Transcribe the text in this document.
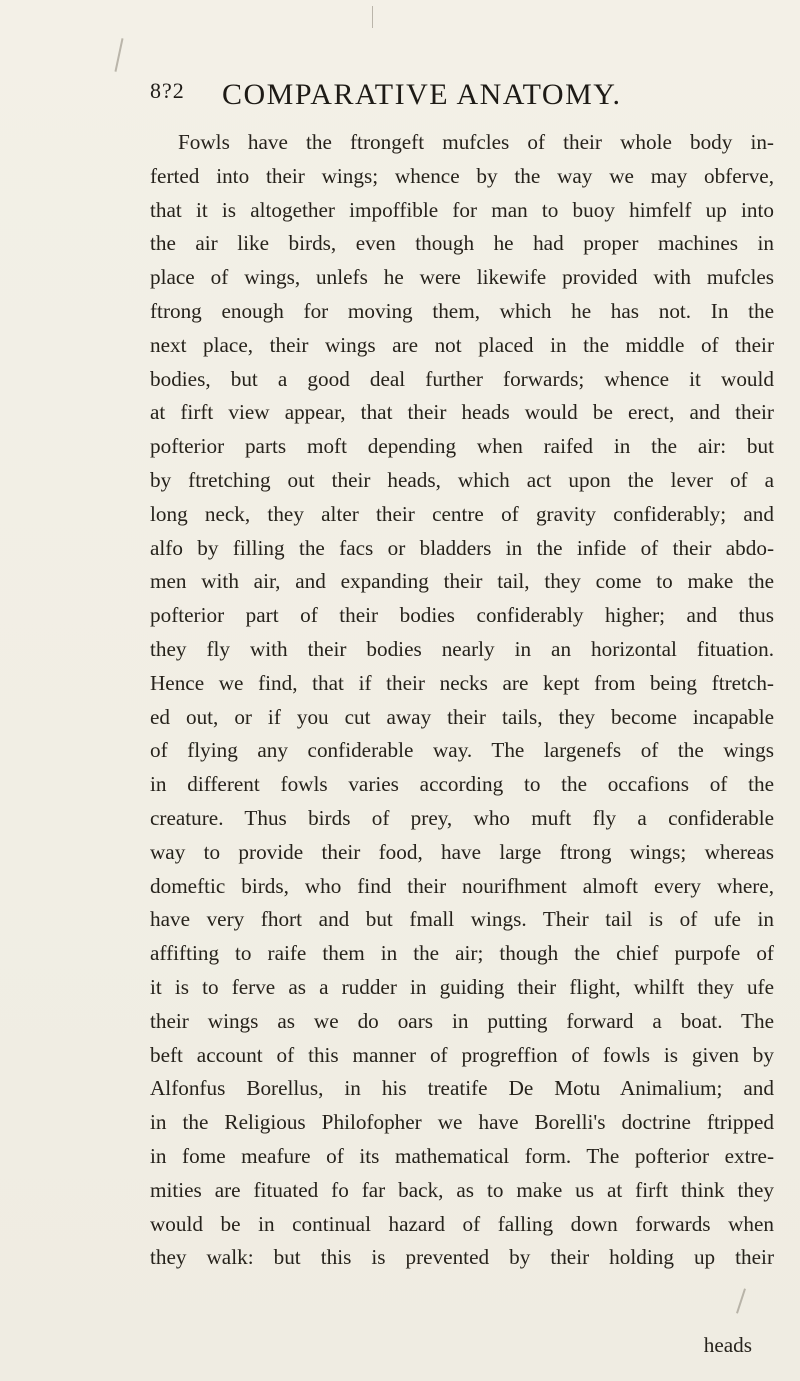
8?2 COMPARATIVE ANATOMY.
Fowls have the ftrongeft mufcles of their whole body in-
ferted into their wings; whence by the way we may obferve,
that it is altogether impoffible for man to buoy himfelf up into
the air like birds, even though he had proper machines in
place of wings, unlefs he were likewife provided with mufcles
ftrong enough for moving them, which he has not. In the
next place, their wings are not placed in the middle of their
bodies, but a good deal further forwards; whence it would
at firft view appear, that their heads would be erect, and their
pofterior parts moft depending when raifed in the air: but
by ftretching out their heads, which act upon the lever of a
long neck, they alter their centre of gravity confiderably; and
alfo by filling the facs or bladders in the infide of their abdo-
men with air, and expanding their tail, they come to make the
pofterior part of their bodies confiderably higher; and thus
they fly with their bodies nearly in an horizontal fituation.
Hence we find, that if their necks are kept from being ftretch-
ed out, or if you cut away their tails, they become incapable
of flying any confiderable way. The largenefs of the wings
in different fowls varies according to the occafions of the
creature. Thus birds of prey, who muft fly a confiderable
way to provide their food, have large ftrong wings; whereas
domeftic birds, who find their nourifhment almoft every where,
have very fhort and but fmall wings. Their tail is of ufe in
affifting to raife them in the air; though the chief purpofe of
it is to ferve as a rudder in guiding their flight, whilft they ufe
their wings as we do oars in putting forward a boat. The
beft account of this manner of progreffion of fowls is given by
Alfonfus Borellus, in his treatife De Motu Animalium; and
in the Religious Philofopher we have Borelli's doctrine ftripped
in fome meafure of its mathematical form. The pofterior extre-
mities are fituated fo far back, as to make us at firft think they
would be in continual hazard of falling down forwards when
they walk: but this is prevented by their holding up their
heads
